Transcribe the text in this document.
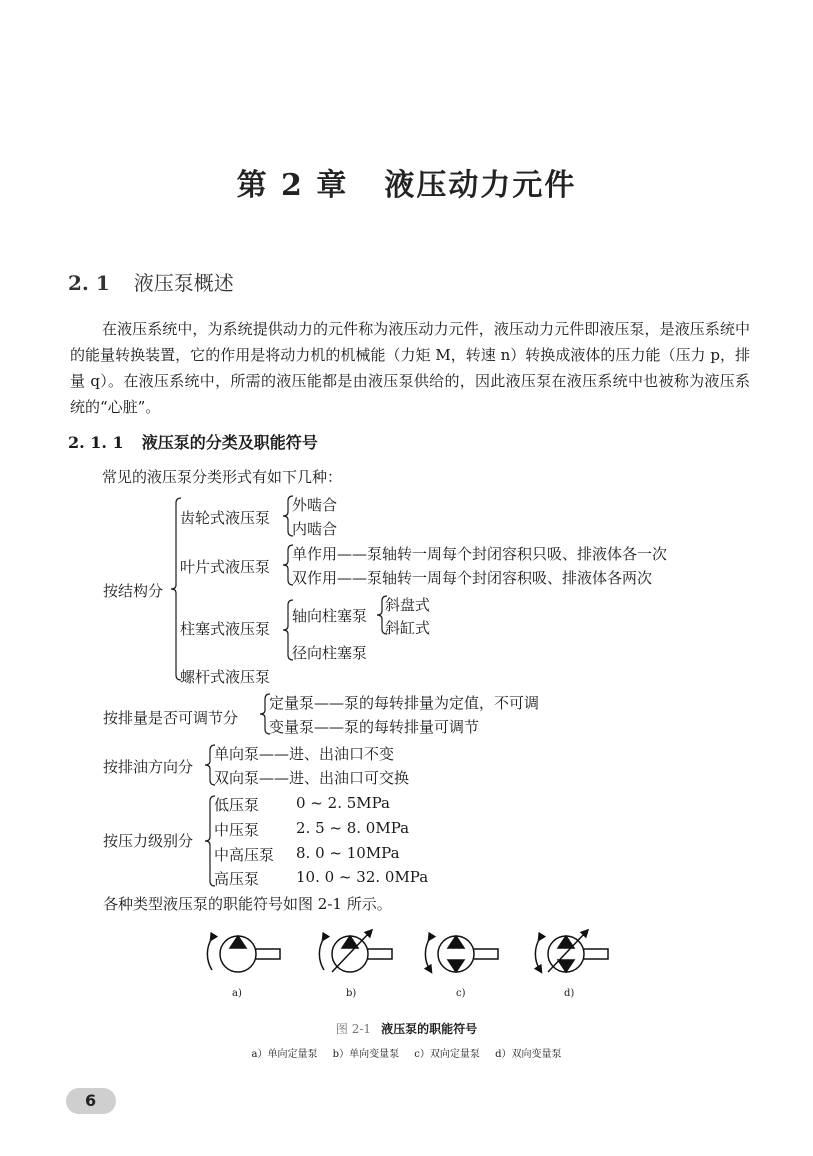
第 2 章 液压动力元件
2. 1 液压泵概述

在液压系统中，为系统提供动力的元件称为液压动力元件，液压动力元件即液压泵，是液压系统中的能量转换装置，它的作用是将动力机的机械能（力矩 M，转速 n）转换成液体的压力能（压力 p，排量 q）。在液压系统中，所需的液压能都是由液压泵供给的，因此液压泵在液压系统中也被称为液压系统的“心脏”。

2. 1. 1 液压泵的分类及职能符号
常见的液压泵分类形式有如下几种：
按结构分
齿轮式液压泵
外啮合
内啮合
叶片式液压泵
单作用——泵轴转一周每个封闭容积只吸、排液体各一次
双作用——泵轴转一周每个封闭容积吸、排液体各两次
柱塞式液压泵
轴向柱塞泵
斜盘式
斜缸式
径向柱塞泵
螺杆式液压泵
按排量是否可调节分
定量泵——泵的每转排量为定值，不可调
变量泵——泵的每转排量可调节
按排油方向分
单向泵——进、出油口不变
双向泵——进、出油口可交换
按压力级别分
低压泵 0 ~ 2. 5MPa
中压泵 2. 5 ~ 8. 0MPa
中高压泵 8. 0 ~ 10MPa
高压泵 10. 0 ~ 32. 0MPa
各种类型液压泵的职能符号如图 2-1 所示。
a)	b)	c)	d)
图 2-1 液压泵的职能符号
a）单向定量泵 b）单向变量泵 c）双向定量泵 d）双向变量泵
6
